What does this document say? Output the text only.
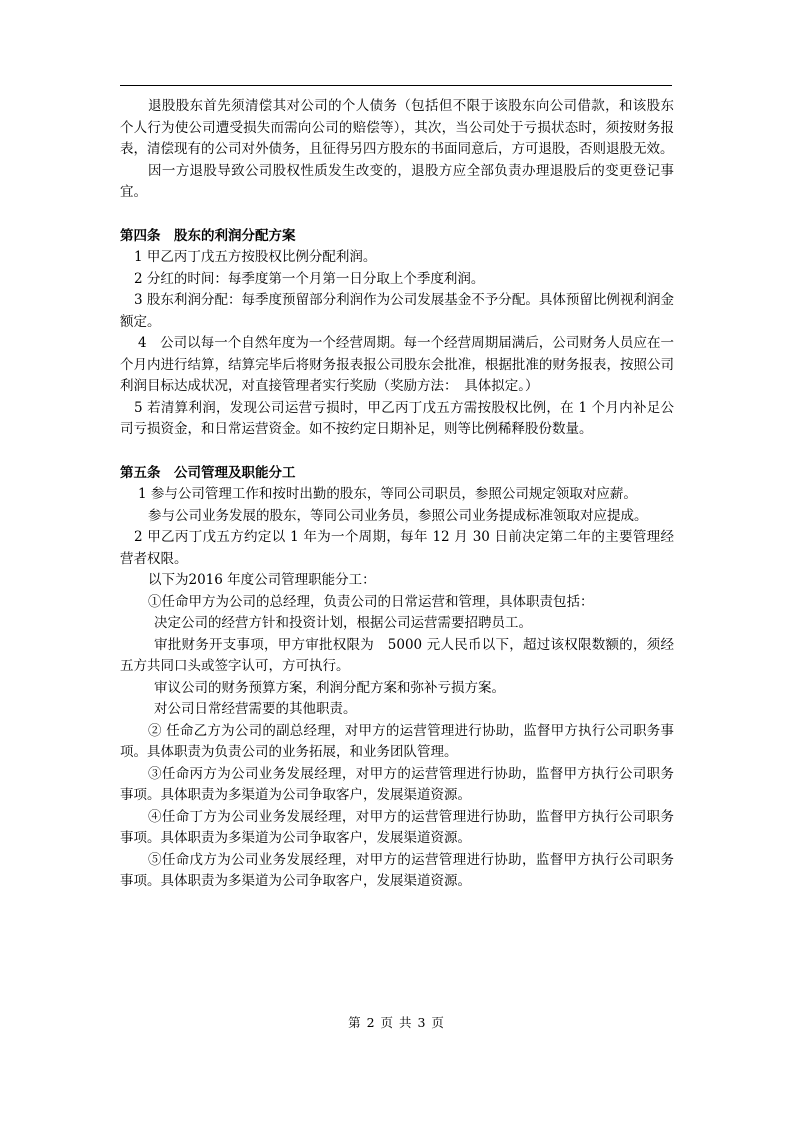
退股股东首先须清偿其对公司的个人债务（包括但不限于该股东向公司借款，和该股东个人行为使公司遭受损失而需向公司的赔偿等），其次，当公司处于亏损状态时，须按财务报表，清偿现有的公司对外债务，且征得另四方股东的书面同意后，方可退股，否则退股无效。

因一方退股导致公司股权性质发生改变的，退股方应全部负责办理退股后的变更登记事宜。

第四条　股东的利润分配方案

1 甲乙丙丁戊五方按股权比例分配利润。

2 分红的时间：每季度第一个月第一日分取上个季度利润。

3 股东利润分配：每季度预留部分利润作为公司发展基金不予分配。具体预留比例视利润金额定。

4　公司以每一个自然年度为一个经营周期。每一个经营周期届满后，公司财务人员应在一个月内进行结算，结算完毕后将财务报表报公司股东会批准，根据批准的财务报表，按照公司利润目标达成状况，对直接管理者实行奖励（奖励方法：　具体拟定。）

5 若清算利润，发现公司运营亏损时，甲乙丙丁戊五方需按股权比例，在 1 个月内补足公司亏损资金，和日常运营资金。如不按约定日期补足，则等比例稀释股份数量。

第五条　公司管理及职能分工

1 参与公司管理工作和按时出勤的股东，等同公司职员，参照公司规定领取对应薪。

参与公司业务发展的股东，等同公司业务员，参照公司业务提成标准领取对应提成。

2 甲乙丙丁戊五方约定以 1 年为一个周期，每年 12 月 30 日前决定第二年的主要管理经营者权限。

以下为2016 年度公司管理职能分工：

①任命甲方为公司的总经理，负责公司的日常运营和管理，具体职责包括：

决定公司的经营方针和投资计划，根据公司运营需要招聘员工。

审批财务开支事项，甲方审批权限为　5000 元人民币以下，超过该权限数额的，须经五方共同口头或签字认可，方可执行。

审议公司的财务预算方案，利润分配方案和弥补亏损方案。

对公司日常经营需要的其他职责。

② 任命乙方为公司的副总经理，对甲方的运营管理进行协助，监督甲方执行公司职务事项。具体职责为负责公司的业务拓展，和业务团队管理。

③任命丙方为公司业务发展经理，对甲方的运营管理进行协助，监督甲方执行公司职务事项。具体职责为多渠道为公司争取客户，发展渠道资源。

④任命丁方为公司业务发展经理，对甲方的运营管理进行协助，监督甲方执行公司职务事项。具体职责为多渠道为公司争取客户，发展渠道资源。

⑤任命戊方为公司业务发展经理，对甲方的运营管理进行协助，监督甲方执行公司职务事项。具体职责为多渠道为公司争取客户，发展渠道资源。

第 2 页 共 3 页
